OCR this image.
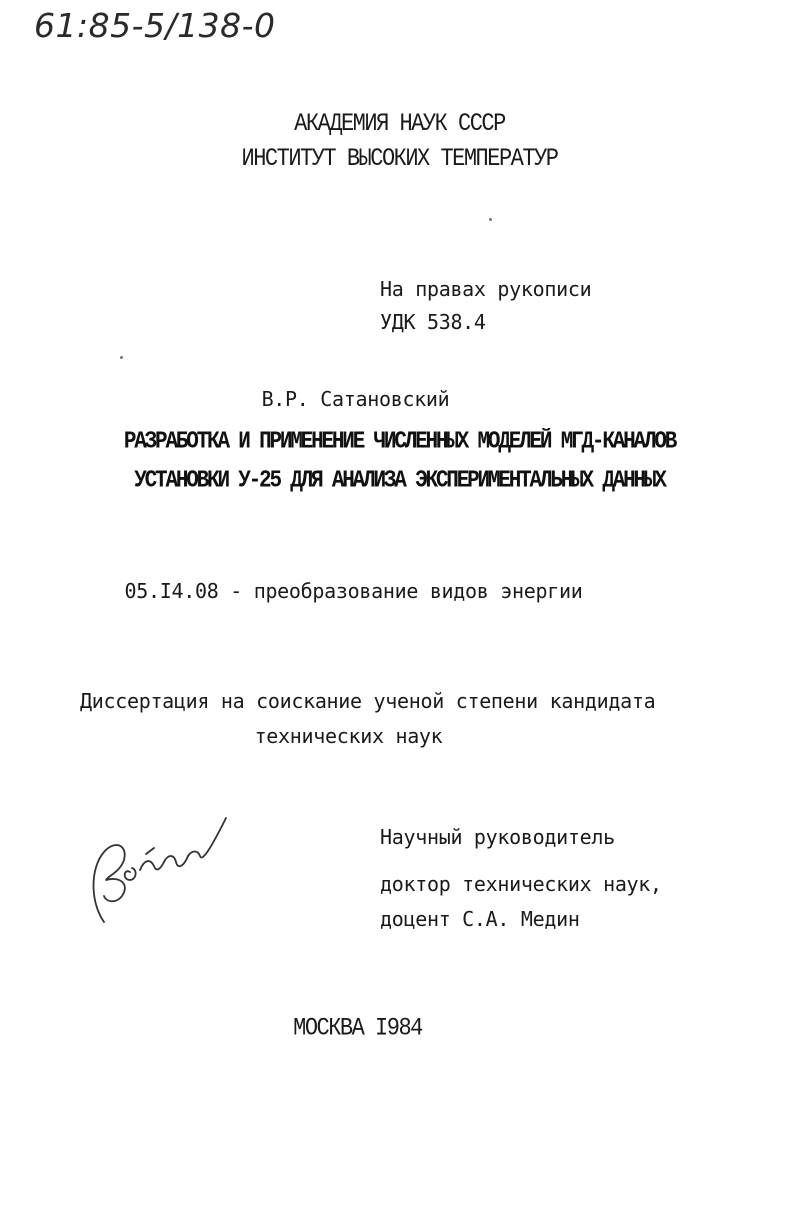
61:85-5/138-0
АКАДЕМИЯ НАУК СССР
ИНСТИТУТ ВЫСОКИХ ТЕМПЕРАТУР
На правах рукописи
УДК 538.4
В.Р. Сатановский
РАЗРАБОТКА И ПРИМЕНЕНИЕ ЧИСЛЕННЫХ МОДЕЛЕЙ МГД-КАНАЛОВ
УСТАНОВКИ У-25 ДЛЯ АНАЛИЗА ЭКСПЕРИМЕНТАЛЬНЫХ ДАННЫХ
05.I4.08 - преобразование видов энергии
Диссертация на соискание ученой степени кандидата
технических наук
Научный руководитель
доктор технических наук,
доцент С.А. Медин
МОСКВА I984
